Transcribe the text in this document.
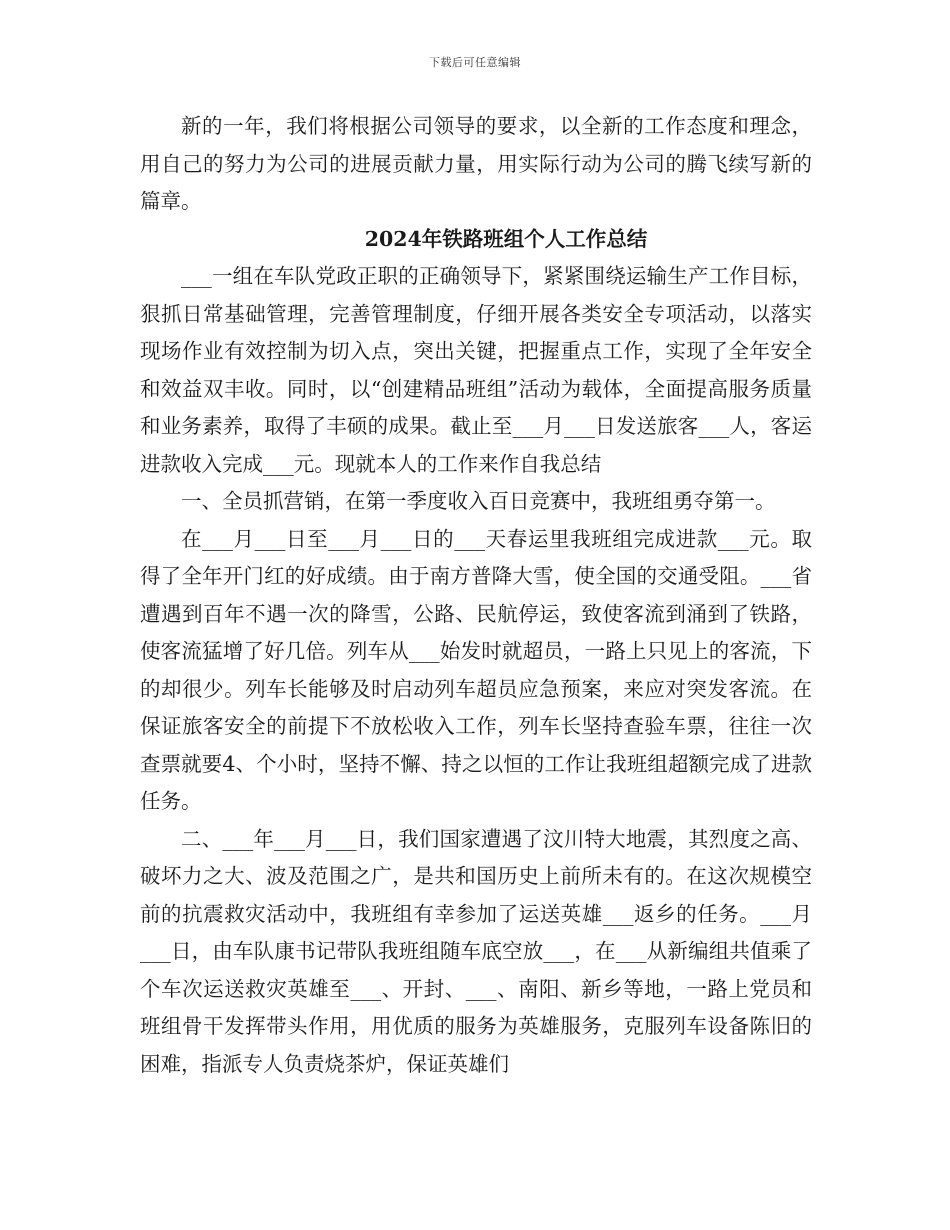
下载后可任意编辑

新的一年，我们将根据公司领导的要求，以全新的工作态度和理念，用自己的努力为公司的进展贡献力量，用实际行动为公司的腾飞续写新的篇章。

2024年铁路班组个人工作总结

___一组在车队党政正职的正确领导下，紧紧围绕运输生产工作目标，狠抓日常基础管理，完善管理制度，仔细开展各类安全专项活动，以落实现场作业有效控制为切入点，突出关键，把握重点工作，实现了全年安全和效益双丰收。同时，以“创建精品班组”活动为载体，全面提高服务质量和业务素养，取得了丰硕的成果。截止至___月___日发送旅客___人，客运进款收入完成___元。现就本人的工作来作自我总结

一、全员抓营销，在第一季度收入百日竞赛中，我班组勇夺第一。

在___月___日至___月___日的___天春运里我班组完成进款___元。取得了全年开门红的好成绩。由于南方普降大雪，使全国的交通受阻。___省遭遇到百年不遇一次的降雪，公路、民航停运，致使客流到涌到了铁路，使客流猛增了好几倍。列车从___始发时就超员，一路上只见上的客流，下的却很少。列车长能够及时启动列车超员应急预案，来应对突发客流。在保证旅客安全的前提下不放松收入工作，列车长坚持查验车票，往往一次查票就要4、个小时，坚持不懈、持之以恒的工作让我班组超额完成了进款任务。

二、___年___月___日，我们国家遭遇了汶川特大地震，其烈度之高、破坏力之大、波及范围之广，是共和国历史上前所未有的。在这次规模空前的抗震救灾活动中，我班组有幸参加了运送英雄___返乡的任务。___月___日，由车队康书记带队我班组随车底空放___，在___从新编组共值乘了个车次运送救灾英雄至___、开封、___、南阳、新乡等地，一路上党员和班组骨干发挥带头作用，用优质的服务为英雄服务，克服列车设备陈旧的困难，指派专人负责烧茶炉，保证英雄们
